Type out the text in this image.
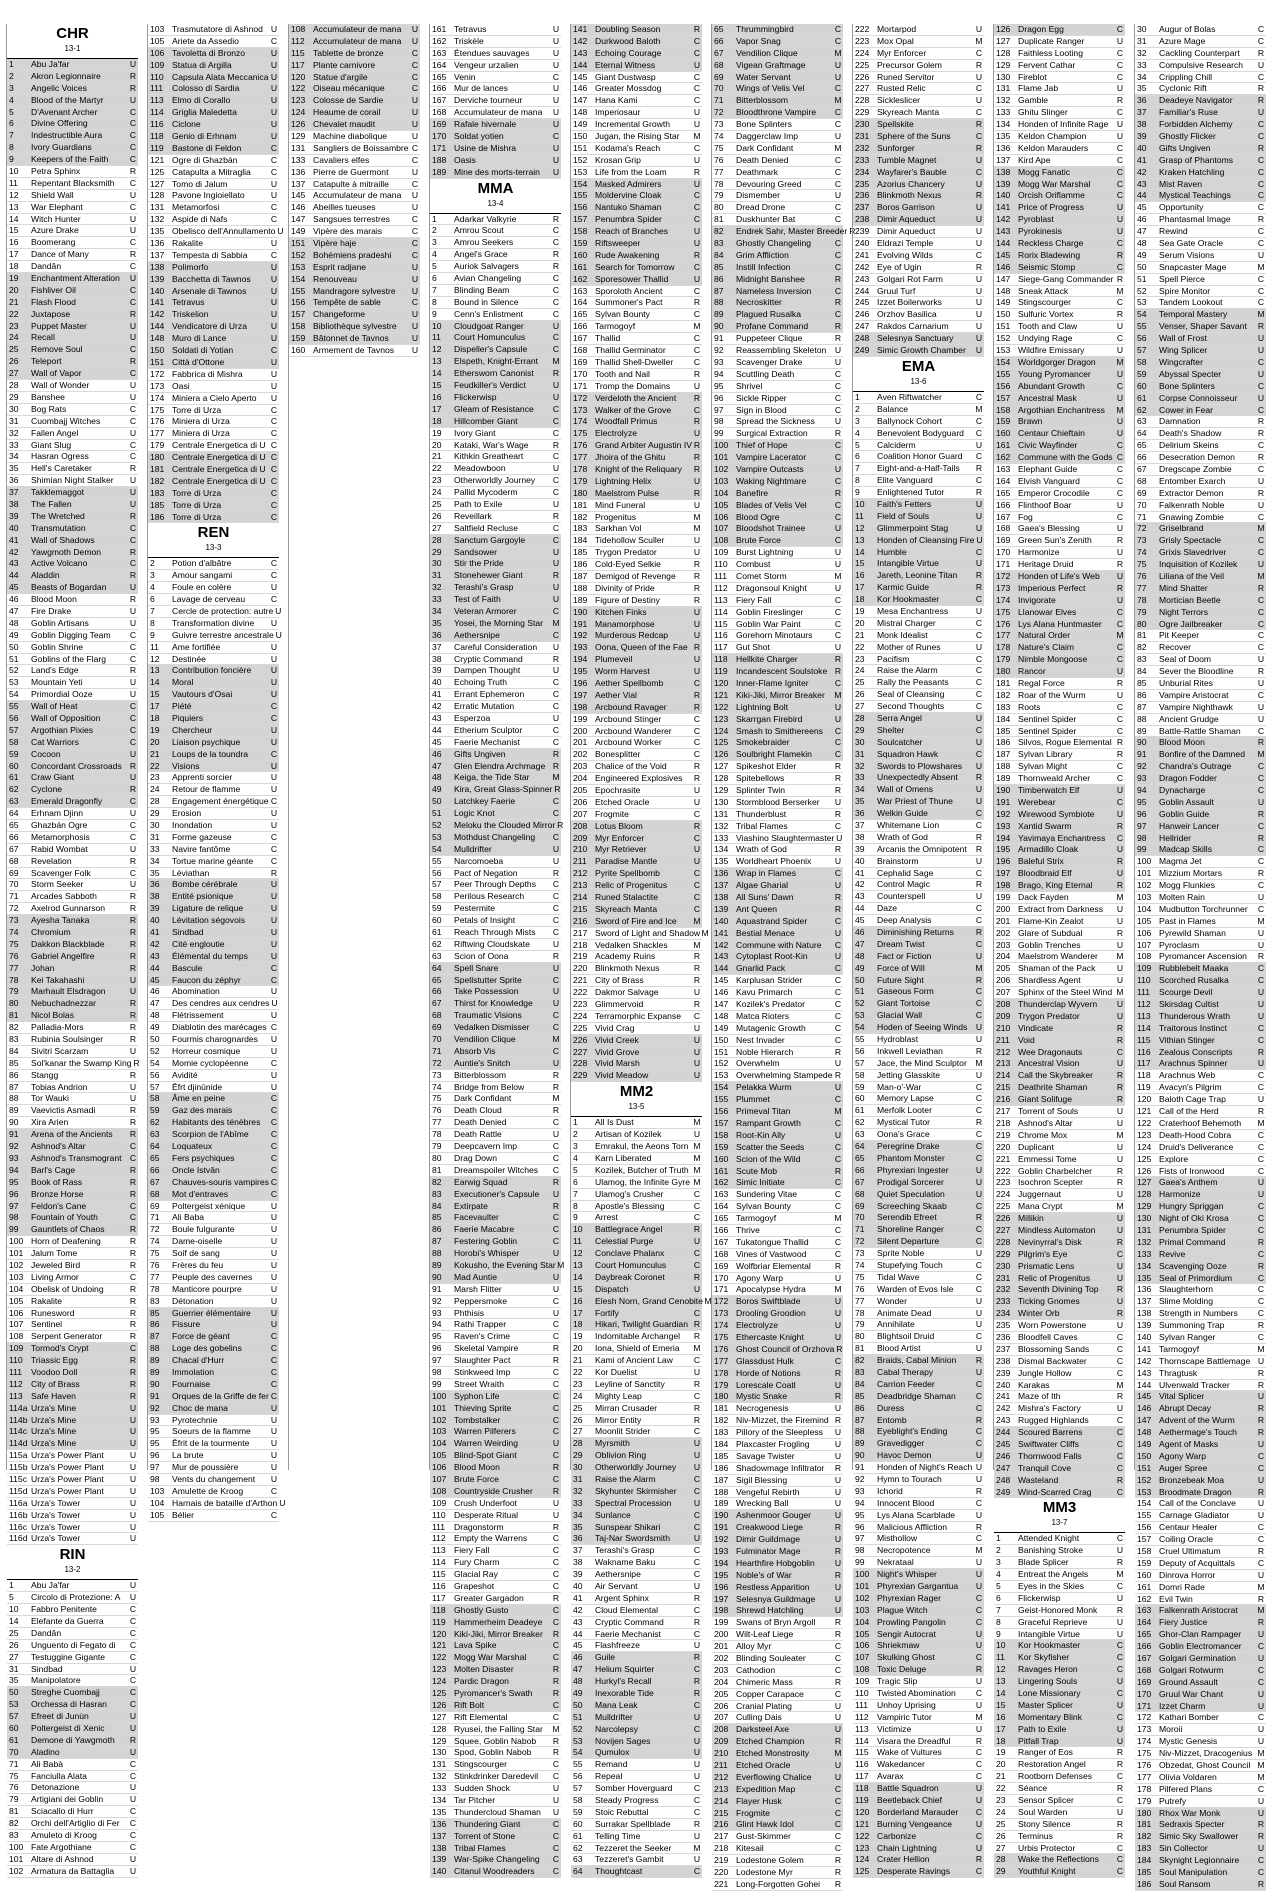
CHR
13-1
1	Abu Ja'far	U
2	Akron Legionnaire	R
3	Angelic Voices	R
4	Blood of the Martyr	U
5	D'Avenant Archer	C
6	Divine Offering	C
7	Indestructible Aura	C
8	Ivory Guardians	C
9	Keepers of the Faith	C
10	Petra Sphinx	R
11	Repentant Blacksmith	C
12	Shield Wall	U
13	War Elephant	C
14	Witch Hunter	U
15	Azure Drake	U
16	Boomerang	C
17	Dance of Many	R
18	Dandân	C
19	Enchantment Alteration	U
20	Fishliver Oil	C
21	Flash Flood	C
22	Juxtapose	R
23	Puppet Master	U
24	Recall	U
25	Remove Soul	C
26	Teleport	R
27	Wall of Vapor	C
28	Wall of Wonder	U
29	Banshee	U
30	Bog Rats	C
31	Cuombajj Witches	C
32	Fallen Angel	U
33	Giant Slug	C
34	Hasran Ogress	C
35	Hell's Caretaker	R
36	Shimian Night Stalker	U
37	Takklemaggot	U
38	The Fallen	U
39	The Wretched	R
40	Transmutation	C
41	Wall of Shadows	C
42	Yawgmoth Demon	R
43	Active Volcano	C
44	Aladdin	R
45	Beasts of Bogardan	U
46	Blood Moon	R
47	Fire Drake	U
48	Goblin Artisans	U
49	Goblin Digging Team	C
50	Goblin Shrine	C
51	Goblins of the Flarg	C
52	Land's Edge	R
53	Mountain Yeti	U
54	Primordial Ooze	U
55	Wall of Heat	C
56	Wall of Opposition	C
57	Argothian Pixies	C
58	Cat Warriors	C
59	Cocoon	U
60	Concordant Crossroads R
61	Craw Giant	U
62	Cyclone	R
63	Emerald Dragonfly	C
64	Erhnam Djinn	U
65	Ghazbán Ogre	C
66	Metamorphosis	C
67	Rabid Wombat	U
68	Revelation	R
69	Scavenger Folk	C
70	Storm Seeker	U
71	Arcades Sabboth	R
72	Axelrod Gunnarson	R
73	Ayesha Tanaka	R
74	Chromium	R
75	Dakkon Blackblade	R
76	Gabriel Angelfire	R
77	Johan	R
78	Kei Takahashi	U
79	Marhault Elsdragon	U
80	Nebuchadnezzar	R
81	Nicol Bolas	R
82	Palladia-Mors	R
83	Rubinia Soulsinger	R
84	Sivitri Scarzam	U
85	Sol'kanar the Swamp King R
86	Stangg	R
87	Tobias Andrion	U
88	Tor Wauki	U
89	Vaevictis Asmadi	R
90	Xira Arien	R
91	Arena of the Ancients	R
92	Ashnod's Altar	C
93	Ashnod's Transmogrant C
94	Barl's Cage	R
95	Book of Rass	R
96	Bronze Horse	R
97	Feldon's Cane	C
98	Fountain of Youth	C
99	Gauntlets of Chaos	R
100 Horn of Deafening	R
101 Jalum Tome	R
102 Jeweled Bird	R
103 Living Armor	C
104 Obelisk of Undoing	R
105 Rakalite	R
106 Runesword	R
107 Sentinel	R
108 Serpent Generator	R
109 Tormod's Crypt	C
110 Triassic Egg	R
111	Voodoo Doll	R
112 City of Brass	R
113 Safe Haven	R
114a Urza's Mine	U
114b Urza's Mine	U
114c Urza's Mine	U
114d Urza's Mine	U
115a Urza's Power Plant	U
115b Urza's Power Plant	U
115c Urza's Power Plant	U
115d Urza's Power Plant	U
116a Urza's Tower	U
116b Urza's Tower	U
116c Urza's Tower	U
116d Urza's Tower	U
RIN
13-2
1	Abu Ja'far	U
5	Circolo di Protezione: A	U
10	Fabbro Penitente	C
14	Elefante da Guerra	C
25	Dandân	C
26	Unguento di Fegato di	C
27	Testuggine Gigante	C
31	Sindbad	U
35	Manipolatore	C
50	Streghe Cuombajj	C
53	Orchessa di Hasran	C
57	Efreet di Junùn	U
60	Poltergeist di Xenic	U
61	Demone di Yawgmoth	R
70	Aladino	U
71	Ali Babà	C
75	Fanciulla Alata	C
76	Detonazione	U
79	Artigiani dei Goblin	U
81	Sciacallo di Hurr	C
82	Orchi dell'Artiglio di Fer	C
83	Amuleto di Kroog	C
100 Fate Argothiane	C
101 Altare di Ashnod	U
102 Armatura da Battaglia	U
103 Trasmutatore di Ashnod U
105 Ariete da Assedio	C
106 Tavoletta di Bronzo	U
109 Statua di Argilla	U
110 Capsula Alata Meccanica U
111	Colosso di Sardia	U
113 Elmo di Corallo	U
114 Griglia Maledetta	U
116 Ciclone	U
118 Genio di Erhnam	U
119 Bastone di Feldon	C
121 Ogre di Ghazbán	C
125 Catapulta a Mitraglia	C
127 Tomo di Jalum	U
128 Pavone Ingioiellato	U
131 Metamorfosi	C
132 Aspide di Nafs	C
135 Obelisco dell'Annullamento U
136 Rakalite	U
137 Tempesta di Sabbia	C
138 Polimorfo	U
139 Bacchetta di Tawnos	U
140 Arsenale di Tawnos	U
141 Tetravus	U
142 Triskelion	U
144 Vendicatore di Urza	U
148 Muro di Lance	U
150 Soldati di Yotian	C
151 Città d'Ottone	U
172 Fabbrica di Mishra	U
173 Oasi	U
174 Miniera a Cielo Aperto	U
175 Torre di Urza	C
176 Miniera di Urza	C
177 Miniera di Urza	C
179 Centrale Energetica di U C
180 Centrale Energetica di U C
181 Centrale Energetica di U C
182 Centrale Energetica di U C
183 Torre di Urza	C
185 Torre di Urza	C
186 Torre di Urza	C
REN
13-3
2	Potion d'albâtre	C
3	Amour sangami	C
4	Foule en colère	U
6	Lavage de cerveau	C
7	Cercle de protection: autre U
8	Transformation divine	U
9	Guivre terrestre ancestrale U
11	Ame fortifiée	U
12	Destinée	U
13	Contribution foncière	U
14	Moral	U
15	Vautours d'Osai	U
17	Piété	C
18	Piquiers	C
19	Chercheur	U
20	Liaison psychique	U
21	Loups de la toundra	C
22	Visions	U
23	Apprenti sorcier	U
24	Retour de flamme	U
28	Engagement énergétique C
29	Erosion	U
30	Inondation	U
31	Forme gazeuse	C
33	Navire fantôme	C
34	Tortue marine géante	C
35	Léviathan	R
36	Bombe cérébrale	U
38	Entité psionique	U
39	Ligature de relique	U
40	Lévitation ségovois	U
41	Sindbad	U
42	Cité engloutie	U
43	Élémental du temps	U
44	Bascule	C
45	Faucon du zéphyr	C
46	Abomination	U
47	Des cendres aux cendres U
48	Flétrissement	U
49	Diablotin des marécages C
50	Fourmis charognardes	U
52	Horreur cosmique	U
54	Momie cyclopéenne	C
56	Avidité	U
57	Ēfrt djinūnide	U
58	Âme en peine	C
59	Gaz des marais	C
62	Habitants des ténèbres	C
63	Scorpion de l'Abîme	C
64	Loquateux	C
65	Fers psychiques	C
66	Oncle Istvân	C
67	Chauves-souris vampires C
68	Mot d'entraves	C
69	Poltergeist xénique	U
71	Ali Baba	U
72	Boule fulgurante	U
74	Dame-oiselle	U
75	Soif de sang	U
76	Frères du feu	U
77	Peuple des cavernes	U
78	Manticore pourpre	U
83	Détonation	U
85	Guerrier élémentaire	U
86	Fissure	U
87	Force de géant	C
88	Loge des gobelins	C
89	Chacal d'Hurr	C
89	Immolation	C
90	Fournaise	C
91	Orques de la Griffe de fer C
92	Choc de mana	U
93	Pyrotechnie	U
95	Soeurs de la flamme	U
95	Êfrit de la tourmente	U
96	La brute	U
97	Mur de poussière	U
98	Vents du changement	U
103 Amulette de Kroog	C
104 Harnais de bataille d'Arthon U
105 Bélier	C
108 Accumulateur de mana	U
112 Accumulateur de mana	U
115 Tablette de bronze	C
117 Plante carnivore	C
120 Statue d'argile	C
122 Oiseau mécanique	C
123 Colosse de Sardie	U
124 Heaume de corail	U
126 Chevalet maudit	U
129 Machine diabolique	U
131 Sangliers de Boissambre C
133 Cavaliers elfes	C
136 Pierre de Guermont	U
137 Catapulte à mitraille	C
145 Accumulateur de mana	U
146 Abeilles tueuses	U
147 Sangsues terrestres	C
149 Vipère des marais	C
151 Vipère haje	C
152 Bohémiens pradeshi	C
153 Esprit radjane	U
154 Renouveau	U
155 Mandragore sylvestre	U
156 Tempête de sable	C
157 Changeforme	U
158 Bibliothèque sylvestre	U
159 Bâtonnet de Tavnos	U
160 Armement de Tavnos	U
161 Tetravus	U
162 Triskèle	U
163 Étendues sauvages	U
164 Vengeur urzalien	U
165 Venin	C
166 Mur de lances	U
167 Derviche tourneur	U
168 Accumulateur de mana	U
169 Rafale hivernale	U
170 Soldat yotien	C
171 Usine de Mishra	U
188 Oasis	U
189 Mine des morts-terrain	U
MMA
13-4
1	Adarkar Valkyrie	R
2	Amrou Scout	C
3	Amrou Seekers	C
4	Angel's Grace	R
5	Auriok Salvagers	R
6	Avian Changeling	C
7	Blinding Beam	C
8	Bound in Silence	C
9	Cenn's Enlistment	C
10	Cloudgoat Ranger	U
11	Court Homunculus	C
12	Dispeller's Capsule	C
13	Elspeth, Knight-Errant	M
14	Ethersworn Canonist	R
15	Feudkiller's Verdict	U
16	Flickerwisp	U
17	Gleam of Resistance	C
18	Hillcomber Giant	C
19	Ivory Giant	C
20	Kataki, War's Wage	R
21	Kithkin Greatheart	C
22	Meadowboon	U
23	Otherworldly Journey	C
24	Pallid Mycoderm	C
25	Path to Exile	U
26	Reveillark	R
27	Saltfield Recluse	C
28	Sanctum Gargoyle	C
29	Sandsower	U
30	Stir the Pride	U
31	Stonehewer Giant	R
32	Terashi's Grasp	U
33	Test of Faith	U
34	Veteran Armorer	C
35	Yosei, the Morning Star	M
36	Aethersnipe	C
37	Careful Consideration	U
38	Cryptic Command	R
39	Dampen Thought	U
40	Echoing Truth	C
41	Errant Ephemeron	C
42	Erratic Mutation	C
43	Esperzoa	U
44	Etherium Sculptor	C
45	Faerie Mechanist	C
46	Gifts Ungiven	R
47	Glen Elendra Archmage R
48	Keiga, the Tide Star	M
49	Kira, Great Glass-Spinner R
50	Latchkey Faerie	C
51	Logic Knot	C
52	Meloku the Clouded Mirror R
53	Mothdust Changeling	C
54	Mulldrifter	U
55	Narcomoeba	U
56	Pact of Negation	R
57	Peer Through Depths	C
58	Perilous Research	C
59	Pestermite	C
60	Petals of Insight	C
61	Reach Through Mists	C
62	Riftwing Cloudskate	U
63	Scion of Oona	R
64	Spell Snare	U
65	Spellstutter Sprite	C
66	Take Possession	U
67	Thirst for Knowledge	U
68	Traumatic Visions	C
69	Vedalken Dismisser	C
70	Vendilion Clique	M
71	Absorb Vis	C
72	Auntie's Snitch	U
73	Bitterblossom	R
74	Bridge from Below	R
75	Dark Confidant	M
76	Death Cloud	R
77	Death Denied	C
78	Death Rattle	U
79	Deepcavern Imp	C
80	Drag Down	C
81	Dreamspoiler Witches	C
82	Earwig Squad	R
83	Executioner's Capsule	U
84	Extirpate	R
85	Facevaulter	C
86	Faerie Macabre	C
87	Festering Goblin	C
88	Horobi's Whisper	U
89	Kokusho, the Evening Star M
90	Mad Auntie	U
91	Marsh Flitter	U
92	Peppersmoke	C
93	Phthisis	U
94	Rathi Trapper	C
95	Raven's Crime	C
96	Skeletal Vampire	R
97	Slaughter Pact	R
98	Stinkweed Imp	C
99	Street Wraith	C
100 Syphon Life	C
101 Thieving Sprite	C
102 Tombstalker	C
103 Warren Pilferers	C
104 Warren Weirding	U
105 Blind-Spot Giant	C
106 Blood Moon	R
107 Brute Force	C
108 Countryside Crusher	R
109 Crush Underfoot	U
110 Desperate Ritual	U
111	Dragonstorm	R
112 Empty the Warrens	C
113 Fiery Fall	C
114 Fury Charm	C
115 Glacial Ray	C
116 Grapeshot	C
117 Greater Gargadon	R
118 Ghostly Gusto	C
119 Hammerheim Deadeye	C
120 Kiki-Jiki, Mirror Breaker	R
121 Lava Spike	C
122 Mogg War Marshal	C
123 Molten Disaster	R
124 Pardic Dragon	R
125 Pyromancer's Swath	R
126 Rift Bolt	C
127 Rift Elemental	C
128 Ryusei, the Falling Star	M
129 Squee, Goblin Nabob	R
130 Spod, Goblin Nabob	R
131 Stingscourger	C
132 Stinkdrinker Daredevil	C
133 Sudden Shock	U
134 Tar Pitcher	U
135 Thundercloud Shaman	U
136 Thundering Giant	C
137 Torrent of Stone	C
138 Tribal Flames	C
139 War-Spike Changeling	C
140 Citanul Woodreaders	C
141 Doubling Season	R
142 Durkwood Baloth	C
143 Echoing Courage	C
144 Eternal Witness	U
145 Giant Dustwasp	C
146 Greater Mossdog	C
147 Hana Kami	C
148 Imperiosaur	U
149 Incremental Growth	U
150 Jugan, the Rising Star	M
151 Kodama's Reach	C
152 Krosan Grip	U
153 Life from the Loam	R
154 Masked Admirers	U
155 Moldervine Cloak	C
156 Nantuko Shaman	C
157 Penumbra Spider	C
158 Reach of Branches	U
159 Riftsweeper	U
160 Rude Awakening	R
161 Search for Tomorrow	C
162 Sporesower Thallid	U
163 Sporoloth Ancient	C
164 Summoner's Pact	R
165 Sylvan Bounty	C
166 Tarmogoyf	M
167 Thallid	C
168 Thallid Germinator	C
169 Thallid Shell-Dweller	C
170 Tooth and Nail	R
171 Tromp the Domains	U
172 Verdeloth the Ancient	R
173 Walker of the Grove	C
174 Woodfall Primus	R
175 Electrolyze	U
176 Grand Arbiter Augustin IV R
177 Jhoira of the Ghitu	R
178 Knight of the Reliquary	R
179 Lightning Helix	U
180 Maelstrom Pulse	R
181 Mind Funeral	U
182 Progenitus	M
183 Sarkhan Vol	M
184 Tidehollow Sculler	U
185 Trygon Predator	U
186 Cold-Eyed Selkie	R
187 Demigod of Revenge	R
188 Divinity of Pride	R
189 Figure of Destiny	R
190 Kitchen Finks	U
191 Manamorphose	U
192 Murderous Redcap	U
193 Oona, Queen of the Fae R
194 Plumeveil	U
195 Worm Harvest	U
196 Aether Spellbomb	C
197 Aether Vial	R
198 Arcbound Ravager	R
199 Arcbound Stinger	C
200 Arcbound Wanderer	C
201 Arcbound Worker	C
202 Bonesplitter	C
203 Chalice of the Void	R
204 Engineered Explosives	R
205 Epochrasite	U
206 Etched Oracle	U
207 Frogmite	C
208 Lotus Bloom	R
209 Myr Enforcer	C
210 Myr Retriever	U
211 Paradise Mantle	U
212 Pyrite Spellbomb	C
213 Relic of Progenitus	C
214 Runed Stalactite	C
215 Skyreach Manta	C
216 Sword of Fire and Ice	M
217 Sword of Light and Shadow M
218 Vedalken Shackles	M
219 Academy Ruins	R
220 Blinkmoth Nexus	R
221 City of Brass	R
222 Dakmor Salvage	U
223 Glimmervoid	R
224 Terramorphic Expanse	C
225 Vivid Crag	U
226 Vivid Creek	U
227 Vivid Grove	U
228 Vivid Marsh	U
229 Vivid Meadow	U
MM2
13-5
1	All Is Dust	M
2	Artisan of Kozilek	U
3	Emrakul, the Aeons Torn M
4	Karn Liberated	M
5	Kozilek, Butcher of Truth M
6	Ulamog, the Infinite Gyre M
7	Ulamog's Crusher	C
8	Apostle's Blessing	C
9	Arrest	C
10	Battlegrace Angel	R
11	Celestial Purge	U
12	Conclave Phalanx	C
13	Court Homunculus	C
14	Daybreak Coronet	R
15	Dispatch	U
16	Elesh Norn, Grand Cenobite M
17	Fortify	C
18	Hikari, Twilight Guardian R
19	Indomitable Archangel	R
20	Iona, Shield of Emeria	M
21	Kami of Ancient Law	C
22	Kor Duelist	U
23	Leyline of Sanctity	R
24	Mighty Leap	C
25	Mirran Crusader	R
26	Mirror Entity	R
27	Moonlit Strider	C
28	Myrsmith	U
29	Oblivion Ring	U
30	Otherworldly Journey	U
31	Raise the Alarm	C
32	Skyhunter Skirmisher	C
33	Spectral Procession	U
34	Sunlance	C
35	Sunspear Shikari	C
36	Taj-Nar Swordsmith	U
37	Terashi's Grasp	C
38	Wakname Baku	C
39	Aethersnipe	C
40	Air Servant	U
41	Argent Sphinx	R
42	Cloud Elemental	C
43	Cryptic Command	R
44	Faerie Mechanist	C
45	Flashfreeze	U
46	Guile	R
47	Helium Squirter	C
48	Hurkyl's Recall	R
49	Inexorable Tide	R
50	Mana Leak	C
51	Mulldrifter	U
52	Narcolepsy	C
53	Novijen Sages	U
54	Qumulox	U
55	Remand	U
56	Repeal	U
57	Somber Hoverguard	C
58	Steady Progress	C
59	Stoic Rebuttal	C
60	Surrakar Spellblade	R
61	Telling Time	U
62	Tezzeret the Seeker	M
63	Tezzeret's Gambit	U
64	Thoughtcast	C
65	Thrummingbird	C
66	Vapor Snag	C
67	Vendilion Clique	M
68	Vigean Graftmage	U
69	Water Servant	U
70	Wings of Velis Vel	C
71	Bitterblossom	M
72	Bloodthrone Vampire	C
73	Bone Splinters	C
74	Daggerclaw Imp	U
75	Dark Confidant	M
76	Death Denied	C
77	Deathmark	C
78	Devouring Greed	C
79	Dismember	U
80	Dread Drone	C
81	Duskhunter Bat	C
82	Endrek Sahr, Master Breeder R
83	Ghostly Changeling	C
84	Grim Affliction	C
85	Instill Infection	C
86	Midnight Banshee	R
87	Nameless Inversion	C
88	Necroskitter	R
89	Plagued Rusalka	C
90	Profane Command	R
91	Puppeteer Clique	R
92	Reassembling Skeleton U
93	Scavenger Drake	U
94	Scuttling Death	C
95	Shrivel	C
96	Sickle Ripper	C
97	Sign in Blood	C
98	Spread the Sickness	U
99	Surgical Extraction	R
100 Thief of Hope	C
101 Vampire Lacerator	C
102 Vampire Outcasts	U
103 Waking Nightmare	C
104 Banefire	R
105 Blades of Velis Vel	C
106 Blood Ogre	C
107 Bloodshot Trainee	U
108 Brute Force	C
109 Burst Lightning	U
110 Combust	U
111	Comet Storm	M
112 Dragonsoul Knight	U
113 Fiery Fall	C
114 Goblin Fireslinger	C
115 Goblin War Paint	C
116 Gorehorn Minotaurs	C
117 Gut Shot	U
118 Hellkite Charger	R
119 Incandescent Soulstoke R
120 Inner-Flame Igniter	C
121 Kiki-Jiki, Mirror Breaker	M
122 Lightning Bolt	U
123 Skarrgan Firebird	U
124 Smash to Smithereens	C
125 Smokebraider	C
126 Soulbright Flamekin	C
127 Spikeshot Elder	R
128 Spitebellows	R
129 Splinter Twin	R
130 Stormblood Berserker	U
131 Thunderblust	R
132 Tribal Flames	C
133 Viashino Slaughtermaster U
134 Wrath of God	R
135 Worldheart Phoenix	U
136 Wrap in Flames	C
137 Algae Gharial	U
138 All Suns' Dawn	R
139 Ant Queen	R
140 Aquastrand Spider	C
141 Bestial Menace	U
142 Commune with Nature	C
143 Cytoplast Root-Kin	U
144 Gnarlid Pack	C
145 Karplusan Strider	C
146 Kavu Primarch	C
147 Kozilek's Predator	C
148 Matca Rioters	C
149 Mutagenic Growth	C
150 Nest Invader	C
151 Noble Hierarch	R
152 Overwhelm	U
153 Overwhelming Stampede R
154 Pelakka Wurm	U
155 Plummet	C
156 Primeval Titan	M
157 Rampant Growth	C
158 Root-Kin Ally	U
159 Scatter the Seeds	C
160 Scion of the Wild	C
161 Scute Mob	R
162 Simic Initiate	C
163 Sundering Vitae	C
164 Sylvan Bounty	C
165 Tarmogoyf	M
166 Thrive	C
167 Tukatongue Thallid	C
168 Vines of Vastwood	C
169 Wolfbriar Elemental	R
170 Agony Warp	U
171 Apocalypse Hydra	M
172 Boros Swiftblade	U
173 Drooling Groodion	U
174 Electrolyze	U
175 Ethercaste Knight	U
176 Ghost Council of Orzhova R
177 Glassdust Hulk	C
178 Horde of Notions	R
179 Lorescale Coatl	U
180 Mystic Snake	R
181 Necrogenesis	U
182 Niv-Mizzet, the Firemind R
183 Pillory of the Sleepless	U
184 Plaxcaster Frogling	U
185 Savage Twister	U
186 Shadowmage Infiltrator	R
187 Sigil Blessing	U
188 Vengeful Rebirth	U
189 Wrecking Ball	U
190 Ashenmoor Gouger	U
191 Creakwood Liege	R
192 Dimir Guildmage	U
193 Fulminator Mage	R
194 Hearthfire Hobgoblin	U
195 Noble's of War	R
196 Restless Apparition	U
197 Selesnya Guildmage	U
198 Shrewd Hatchling	U
199 Swans of Bryn Argoll	R
200 Wilt-Leaf Liege	R
201 Alloy Myr	C
202 Blinding Souleater	C
203 Cathodion	C
204 Chimeric Mass	R
205 Copper Carapace	C
206 Cranial Plating	U
207 Culling Dais	U
208 Darksteel Axe	U
209 Etched Champion	R
210 Etched Monstrosity	M
211 Etched Oracle	U
212 Everflowing Chalice	U
213 Expedition Map	C
214 Flayer Husk	C
215 Frogmite	C
216 Glint Hawk Idol	C
217 Gust-Skimmer	C
218 Kitesail	C
219 Lodestone Golem	R
220 Lodestone Myr	R
221 Long-Forgotten Gohei	R
222 Mortarpod	U
223 Mox Opal	M
224 Myr Enforcer	C
225 Precursor Golem	R
226 Runed Servitor	U
227 Rusted Relic	C
228 Sickleslicer	U
229 Skyreach Manta	C
230 Spellskite	R
231 Sphere of the Suns	C
232 Sunforger	R
233 Tumble Magnet	U
234 Wayfarer's Bauble	C
235 Azorius Chancery	U
236 Blinkmoth Nexus	R
237 Boros Garrison	U
238 Dimir Aqueduct	U
239 Dimir Aqueduct	U
240 Eldrazi Temple	U
241 Evolving Wilds	C
242 Eye of Ugin	R
243 Golgari Rot Farm	U
244 Gruul Turf	U
245 Izzet Boilerworks	U
246 Orzhov Basilica	U
247 Rakdos Carnarium	U
248 Selesnya Sanctuary	U
249 Simic Growth Chamber	U
EMA
13-6
1	Aven Riftwatcher	C
2	Balance	M
3	Ballynock Cohort	C
4	Benevolent Bodyguard	C
5	Calciderm	U
6	Coalition Honor Guard	C
7	Eight-and-a-Half-Tails	R
8	Elite Vanguard	C
9	Enlightened Tutor	R
10	Faith's Fetters	U
11	Field of Souls	U
12	Glimmerpoint Stag	U
13	Honden of Cleansing Fire U
14	Humble	C
15	Intangible Virtue	U
16	Jareth, Leonine Titan	R
17	Karmic Guide	R
18	Kor Hookmaster	C
19	Mesa Enchantress	U
20	Mistral Charger	C
21	Monk Idealist	C
22	Mother of Runes	U
23	Pacifism	C
24	Raise the Alarm	C
25	Rally the Peasants	C
26	Seal of Cleansing	C
27	Second Thoughts	C
28	Serra Angel	U
29	Shelter	C
30	Soulcatcher	U
31	Squadron Hawk	C
32	Swords to Plowshares	U
33	Unexpectedly Absent	R
34	Wall of Omens	U
35	War Priest of Thune	U
36	Welkin Guide	C
37	Whitemane Lion	C
38	Wrath of God	R
39	Arcanis the Omnipotent	R
40	Brainstorm	U
41	Cephalid Sage	C
42	Control Magic	R
43	Counterspell	U
44	Daze	C
45	Deep Analysis	C
46	Diminishing Returns	R
47	Dream Twist	C
48	Fact or Fiction	U
49	Force of Will	M
50	Future Sight	R
51	Gaseous Form	C
52	Giant Tortoise	C
53	Glacial Wall	C
54	Hoden of Seeing Winds U
55	Hydroblast	U
56	Inkwell Leviathan	R
57	Jace, the Mind Sculptor M
58	Jetting Glasskite	U
59	Man-o'-War	C
60	Memory Lapse	C
61	Merfolk Looter	C
62	Mystical Tutor	R
63	Oona's Grace	C
64	Peregrine Drake	C
65	Phantom Monster	C
66	Phyrexian Ingester	U
67	Prodigal Sorcerer	U
68	Quiet Speculation	U
69	Screeching Skaab	C
70	Serendib Efreet	R
71	Shoreline Ranger	C
72	Silent Departure	C
73	Sprite Noble	U
74	Stupefying Touch	C
75	Tidal Wave	C
76	Warden of Evos Isle	C
77	Wonder	U
78	Animate Dead	U
79	Annihilate	U
80	Blightsoil Druid	C
81	Blood Artist	U
82	Braids, Cabal Minion	R
83	Cabal Therapy	U
84	Carrion Feeder	C
85	Deadbridge Shaman	C
86	Duress	C
87	Entomb	R
88	Eyeblight's Ending	C
89	Gravedigger	C
90	Havoc Demon	U
91	Honden of Night's Reach U
92	Hymn to Tourach	U
93	Ichorid	R
94	Innocent Blood	C
95	Lys Alana Scarblade	U
96	Malicious Affliction	R
97	Misthollow	C
98	Necropotence	M
99	Nekrataal	U
100 Night's Whisper	U
101 Phyrexian Gargantua	U
102 Phyrexian Rager	C
103 Plague Witch	C
104 Prowling Pangolin	C
105 Sengir Autocrat	U
106 Shriekmaw	U
107 Skulking Ghost	C
108 Toxic Deluge	R
109 Tragic Slip	U
110 Twisted Abomination	C
111	Unhoy Uprising	U
112 Vampiric Tutor	M
113 Victimize	U
114 Visara the Dreadful	R
115 Wake of Vultures	C
116 Wakedancer	C
117 Avarax	C
118 Battle Squadron	U
119 Beetleback Chief	U
120 Borderland Marauder	C
121 Burning Vengeance	U
122 Carbonize	C
123 Chain Lightning	U
124 Crater Hellion	R
125 Desperate Ravings	C
126 Dragon Egg	C
127 Duplicate Ranger	U
128 Faithless Looting	C
129 Fervent Cathar	C
130 Fireblot	C
131 Flame Jab	U
132 Gamble	R
133 Ghitu Slinger	C
134 Honden of Infinite Rage U
135 Keldon Champion	U
136 Keldon Marauders	C
137 Kird Ape	C
138 Mogg Fanatic	C
139 Mogg War Marshal	C
140 Orcish Oriflamme	C
141 Price of Progress	U
142 Pyroblast	U
143 Pyrokinesis	U
144 Reckless Charge	C
145 Rorix Bladewing	R
146 Seismic Stomp	C
147 Siege-Gang Commander R
148 Sneak Attack	M
149 Stingscourger	C
150 Sulfuric Vortex	R
151 Tooth and Claw	U
152 Undying Rage	C
153 Wildfire Emissary	U
154 Worldgorger Dragon	M
155 Young Pyromancer	U
156 Abundant Growth	C
157 Ancestral Mask	U
158 Argothian Enchantress	M
159 Brawn	U
160 Centaur Chieftain	U
161 Civic Wayfinder	C
162 Commune with the Gods C
163 Elephant Guide	C
164 Elvish Vanguard	C
165 Emperor Crocodile	C
166 Flinthoof Boar	U
167 Fog	C
168 Gaea's Blessing	U
169 Green Sun's Zenith	R
170 Harmonize	U
171 Heritage Druid	R
172 Honden of Life's Web	U
173 Imperious Perfect	R
174 Invigorate	U
175 Llanowar Elves	C
176 Lys Alana Huntmaster	C
177 Natural Order	M
178 Nature's Claim	C
179 Nimble Mongoose	C
180 Rancor	U
181 Regal Force	R
182 Roar of the Wurm	U
183 Roots	C
184 Sentinel Spider	C
185 Sentinel Spider	C
186 Silvos, Rogue Elemental R
187 Sylvan Library	R
188 Sylvan Might	C
189 Thornweald Archer	C
190 Timberwatch Elf	U
191 Werebear	C
192 Wirewood Symbiote	U
193 Xantid Swarm	R
194 Yavimaya Enchantress	C
195 Armadillo Cloak	U
196 Baleful Strix	R
197 Bloodbraid Elf	U
198 Brago, King Eternal	R
199 Dack Fayden	M
200 Extract from Darkness	U
201 Flame-Kin Zealot	U
202 Glare of Subdual	R
203 Goblin Trenches	U
204 Maelstrom Wanderer	M
205 Shaman of the Pack	U
206 Shardless Agent	U
207 Sphinx of the Steel Wind M
208 Thunderclap Wyvern	U
209 Trygon Predator	U
210 Vindicate	R
211 Void	R
212 Wee Dragonauts	C
213 Ancestral Vision	U
214 Call the Skybreaker	R
215 Deathrite Shaman	R
216 Giant Solifuge	R
217 Torrent of Souls	U
218 Ashnod's Altar	U
219 Chrome Mox	M
220 Duplicant	U
221 Emmessi Tome	U
222 Goblin Charbelcher	R
223 Isochron Scepter	R
224 Juggernaut	U
225 Mana Crypt	M
226 Millikin	U
227 Mindless Automaton	U
228 Nevinyrral's Disk	R
229 Pilgrim's Eye	C
230 Prismatic Lens	U
231 Relic of Progenitus	U
232 Seventh Divining Top	R
233 Ticking Gnomes	U
234 Winter Orb	R
235 Worn Powerstone	U
236 Bloodfell Caves	C
237 Blossoming Sands	C
238 Dismal Backwater	C
239 Jungle Hollow	C
240 Karakas	M
241 Maze of Ith	R
242 Mishra's Factory	U
243 Rugged Highlands	C
244 Scoured Barrens	C
245 Swiftwater Cliffs	C
246 Thornwood Falls	C
247 Tranquil Cove	C
248 Wasteland	R
249 Wind-Scarred Crag	C
MM3
13-7
1	Attended Knight	C
2	Banishing Stroke	U
3	Blade Splicer	R
4	Entreat the Angels	M
5	Eyes in the Skies	C
6	Flickerwisp	U
7	Geist-Honored Monk	R
8	Graceful Reprieve	U
9	Intangible Virtue	U
10	Kor Hookmaster	C
11	Kor Skyfisher	C
12	Ravages Heron	C
13	Lingering Souls	U
14	Lone Missionary	C
15	Master Splicer	U
16	Momentary Blink	C
17	Path to Exile	U
18	Pitfall Trap	U
19	Ranger of Eos	R
20	Restoration Angel	R
21	Rootborn Defenses	C
22	Séance	R
23	Sensor Splicer	C
24	Soul Warden	U
25	Stony Silence	R
26	Terminus	R
27	Urbis Protector	C
28	Wake the Reflections	C
29	Youthful Knight	C
30	Augur of Bolas	C
31	Azure Mage	C
32	Cackling Counterpart	R
33	Compulsive Research	U
34	Crippling Chill	C
35	Cyclonic Rift	R
36	Deadeye Navigator	R
37	Familiar's Ruse	U
38	Forbidden Alchemy	C
39	Ghostly Flicker	C
40	Gifts Ungiven	R
41	Grasp of Phantoms	C
42	Kraken Hatchling	C
43	Mist Raven	C
44	Mystical Teachings	C
45	Opportunity	C
46	Phantasmal Image	R
47	Rewind	C
48	Sea Gate Oracle	C
49	Serum Visions	U
50	Snapcaster Mage	M
51	Spell Pierce	C
52	Spire Monitor	C
53	Tandem Lookout	C
54	Temporal Mastery	M
55	Venser, Shaper Savant	R
56	Wall of Frost	U
57	Wing Splicer	U
58	Wingcrafter	C
59	Abyssal Specter	U
60	Bone Splinters	C
61	Corpse Connoisseur	U
62	Cower in Fear	C
63	Damnation	R
64	Death's Shadow	R
65	Delirium Skeins	C
66	Desecration Demon	R
67	Dregscape Zombie	C
68	Entomber Exarch	U
69	Extractor Demon	R
70	Falkenrath Noble	U
71	Gnawing Zombie	C
72	Griselbrand	M
73	Grisly Spectacle	C
74	Grixis Slavedriver	C
75	Inquisition of Kozilek	U
76	Liliana of the Veil	M
77	Mind Shatter	R
78	Mortician Beetle	C
79	Night Terrors	C
80	Ogre Jailbreaker	C
81	Pit Keeper	C
82	Recover	C
83	Seal of Doom	U
84	Sever the Bloodline	R
85	Unburial Rites	U
86	Vampire Aristocrat	C
87	Vampire Nighthawk	U
88	Ancient Grudge	U
89	Battle-Rattle Shaman	C
90	Blood Moon	R
91	Bonfire of the Damned	M
92	Chandra's Outrage	C
93	Dragon Fodder	C
94	Dynacharge	C
95	Goblin Assault	U
96	Goblin Guide	R
97	Hanweir Lancer	C
98	Hellrider	R
99	Madcap Skills	C
100 Magma Jet	C
101 Mizzium Mortars	R
102 Mogg Flunkies	C
103 Molten Rain	U
104 Mudbutton Torchrunner	C
105 Past in Flames	M
106 Pyrewild Shaman	U
107 Pyroclasm	U
108 Pyromancer Ascension	R
109 Rubblebelt Maaka	C
110 Scorched Rusalka	C
111	Scourge Devil	U
112 Skirsdag Cultist	U
113 Thunderous Wrath	U
114 Traitorous Instinct	C
115 Vithian Stinger	C
116 Zealous Conscripts	R
117 Arachnus Spinner	U
118 Arachnus Web	C
119 Avacyn's Pilgrim	C
120 Baloth Cage Trap	U
121 Call of the Herd	R
122 Craterhoof Behemoth	M
123 Death-Hood Cobra	C
124 Druid's Deliverance	C
125 Explore	C
126 Fists of Ironwood	C
127 Gaea's Anthem	U
128 Harmonize	U
129 Hungry Spriggan	C
130 Night of Oki Krosa	C
131 Penumbra Spider	C
132 Primal Command	R
133 Revive	C
134 Scavenging Ooze	R
135 Seal of Primordium	C
136 Slaughterhorn	C
137 Slime Molding	C
138 Strength in Numbers	C
139 Summoning Trap	R
140 Sylvan Ranger	C
141 Tarmogoyf	M
142 Thornscape Battlemage U
143 Thragtusk	R
144 Ulvenwald Tracker	R
145 Vital Splicer	U
146 Abrupt Decay	R
147 Advent of the Wurm	R
148 Aethermage's Touch	R
149 Agent of Masks	U
150 Agony Warp	C
151 Auger Spree	C
152 Bronzebeak Moa	U
153 Broodmate Dragon	R
154 Call of the Conclave	U
155 Carnage Gladiator	U
156 Centaur Healer	C
157 Coiling Oracle	C
158 Cruel Ultimatum	R
159 Deputy of Acquittals	C
160 Dinrova Horror	U
161 Domri Rade	M
162 Evil Twin	R
163 Falkenrath Aristocrat	M
164 Fiery Justice	R
165 Ghor-Clan Rampager	U
166 Goblin Electromancer	C
167 Golgari Germination	U
168 Golgari Rotwurm	C
169 Ground Assault	C
170 Gruul War Chant	U
171 Izzet Charm	U
172 Kathari Bomber	C
173 Moroii	U
174 Mystic Genesis	U
175 Niv-Mizzet, Dracogenius M
176 Obzedat, Ghost Council M
177 Olivia Voldaren	M
178 Pilfered Plans	C
179 Putrefy	U
180 Rhox War Monk	U
181 Sedraxis Specter	R
182 Simic Sky Swallower	R
183 Sin Collector	U
184 Skynight Legionnaire	C
185 Soul Manipulation	C
186 Soul Ransom	R
